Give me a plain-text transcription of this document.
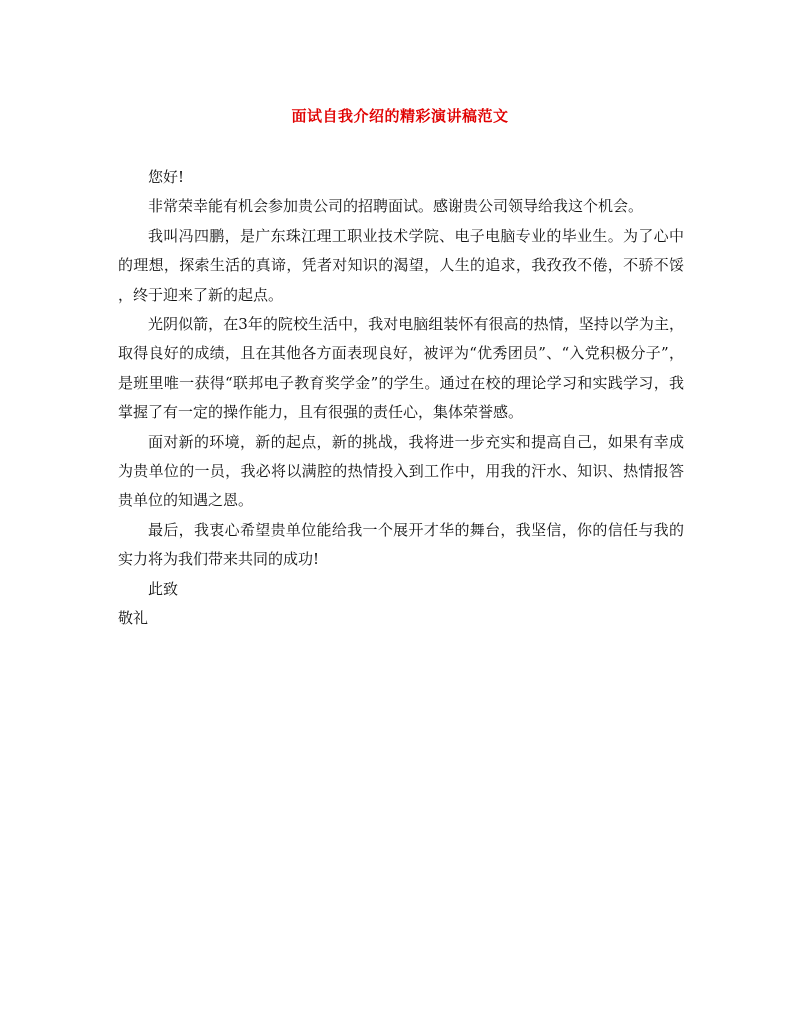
面试自我介绍的精彩演讲稿范文

您好!

非常荣幸能有机会参加贵公司的招聘面试。感谢贵公司领导给我这个机会。

我叫冯四鹏，是广东珠江理工职业技术学院、电子电脑专业的毕业生。为了心中的理想，探索生活的真谛，凭者对知识的渴望，人生的追求，我孜孜不倦，不骄不馁 ，终于迎来了新的起点。

光阴似箭，在3年的院校生活中，我对电脑组装怀有很高的热情，坚持以学为主，取得良好的成绩，且在其他各方面表现良好，被评为“优秀团员”、“入党积极分子”，是班里唯一获得“联邦电子教育奖学金”的学生。通过在校的理论学习和实践学习，我掌握了有一定的操作能力，且有很强的责任心，集体荣誉感。

面对新的环境，新的起点，新的挑战，我将进一步充实和提高自己，如果有幸成为贵单位的一员，我必将以满腔的热情投入到工作中，用我的汗水、知识、热情报答贵单位的知遇之恩。

最后，我衷心希望贵单位能给我一个展开才华的舞台，我坚信，你的信任与我的实力将为我们带来共同的成功!

此致

敬礼
